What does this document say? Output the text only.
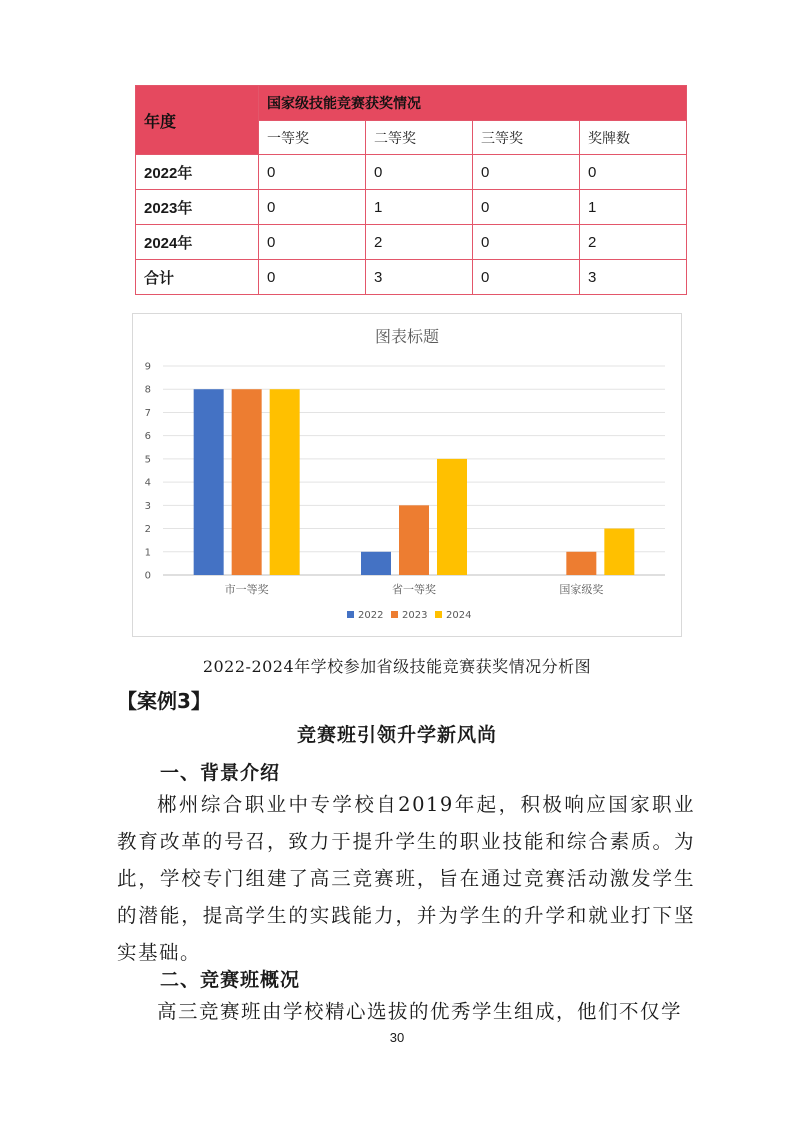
年度	国家级技能竞赛获奖情况			
	一等奖	二等奖	三等奖	奖牌数
2022年	0	0	0	0
2023年	0	1	0	1
2024年	0	2	0	2
合计	0	3	0	3
图表标题
0
1
2
3
4
5
6
7
8
9
市一等奖	省一等奖	国家级奖
2022 2023 2024
2022-2024年学校参加省级技能竞赛获奖情况分析图
【案例3】
竞赛班引领升学新风尚
一、背景介绍
郴州综合职业中专学校自2019年起，积极响应国家职业教育改革的号召，致力于提升学生的职业技能和综合素质。为此，学校专门组建了高三竞赛班，旨在通过竞赛活动激发学生的潜能，提高学生的实践能力，并为学生的升学和就业打下坚实基础。
二、竞赛班概况
高三竞赛班由学校精心选拔的优秀学生组成，他们不仅学
30
